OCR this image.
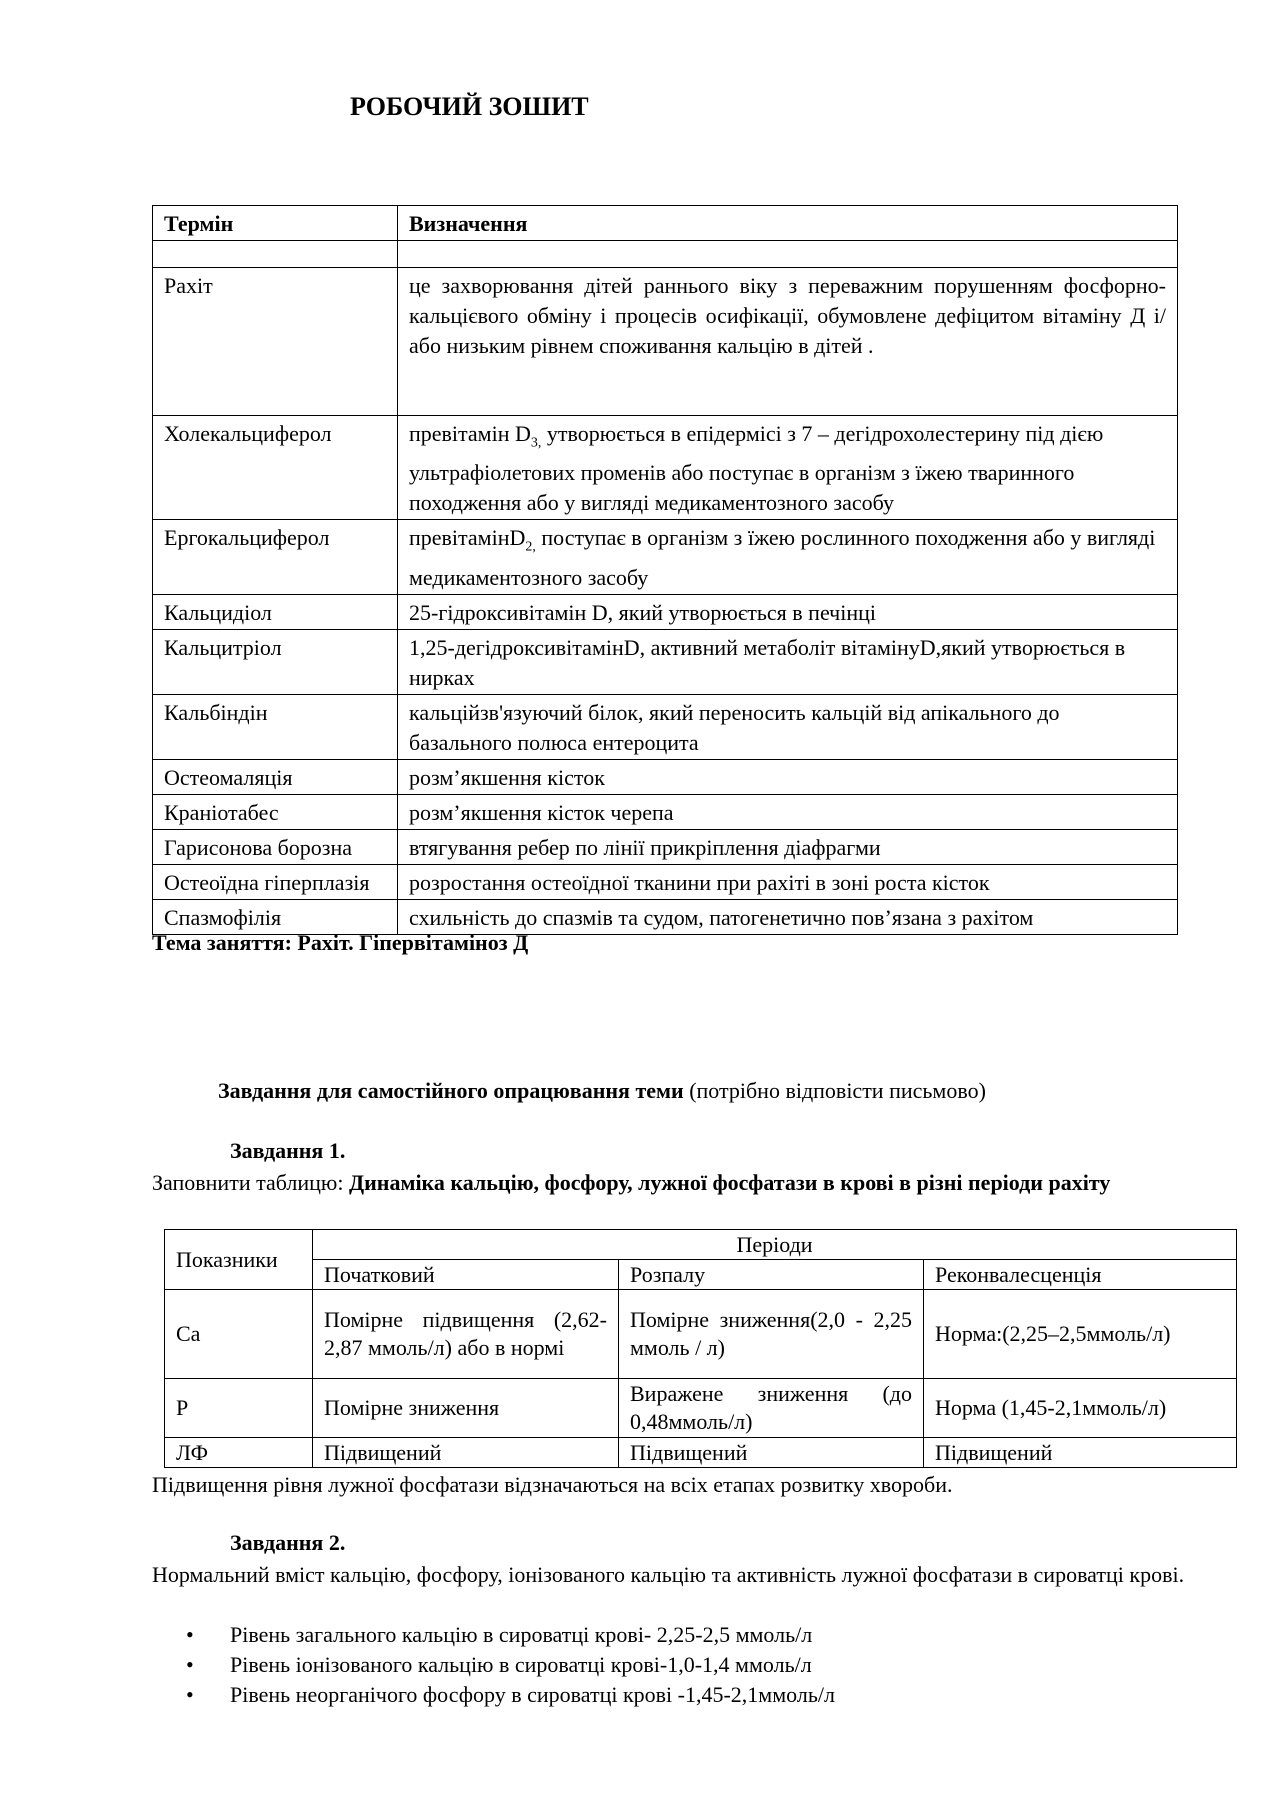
РОБОЧИЙ ЗОШИТ
Термін	Визначення

Рахіт	це захворювання дітей раннього віку з переважним порушенням фосфорно-кальцієвого обміну і процесів осифікації, обумовлене дефіцитом вітаміну Д і/або низьким рівнем споживання кальцію в дітей .
Холекальциферол	превітамін $D_{3,}$ утворюється в епідермісі з 7 – дегідрохолестерину під дією ультрафіолетових променів або поступає в організм з їжею тваринного походження або у вигляді медикаментозного засобу
Ергокальциферол	превітамінD$_{2,}$ поступає в організм з їжею рослинного походження або у вигляді медикаментозного засобу
Кальцидіол	25-гідроксивітамін D, який утворюється в печінці
Кальцитріол	1,25-дегідроксивітамінD, активний метаболіт вітамінуD,який утворюється в нирках
Кальбіндін	кальційзв'язуючий білок, який переносить кальцій від апікального до базального полюса ентероцита
Остеомаляція	розм’якшення кісток
Краніотабес	розм’якшення кісток черепа
Гарисонова борозна	втягування ребер по лінії прикріплення діафрагми
Остеоїдна гіперплазія	розростання остеоїдної тканини при рахіті в зоні роста кісток
Спазмофілія	схильність до спазмів та судом, патогенетично пов’язана з рахітом
Тема заняття: Рахіт. Гіпервітаміноз Д
Завдання для самостійного опрацювання теми (потрібно відповісти письмово)
Завдання 1.
Заповнити таблицю: Динаміка кальцію, фосфору, лужної фосфатази в крові в різні періоди рахіту
Показники	Періоди		
	Початковий	Розпалу	Реконвалесценція
Ca	Помірне підвищення (2,62-2,87 ммоль/л) або в нормі	Помірне зниження(2,0 - 2,25 ммоль / л)	Норма:(2,25–2,5ммоль/л)
P	Помірне зниження	Виражене зниження (до 0,48ммоль/л)	Норма (1,45-2,1ммоль/л)
ЛФ	Підвищений	Підвищений	Підвищений
Підвищення рівня лужної фосфатази відзначаються на всіх етапах розвитку хвороби.
Завдання 2.
Нормальний вміст кальцію, фосфору, іонізованого кальцію та активність лужної фосфатази в сироватці крові.
• Рівень загального кальцію в сироватці крові- 2,25-2,5 ммоль/л
• Рівень іонізованого кальцію в сироватці крові-1,0-1,4 ммоль/л
• Рівень неорганічого фосфору в сироватці крові -1,45-2,1ммоль/л
